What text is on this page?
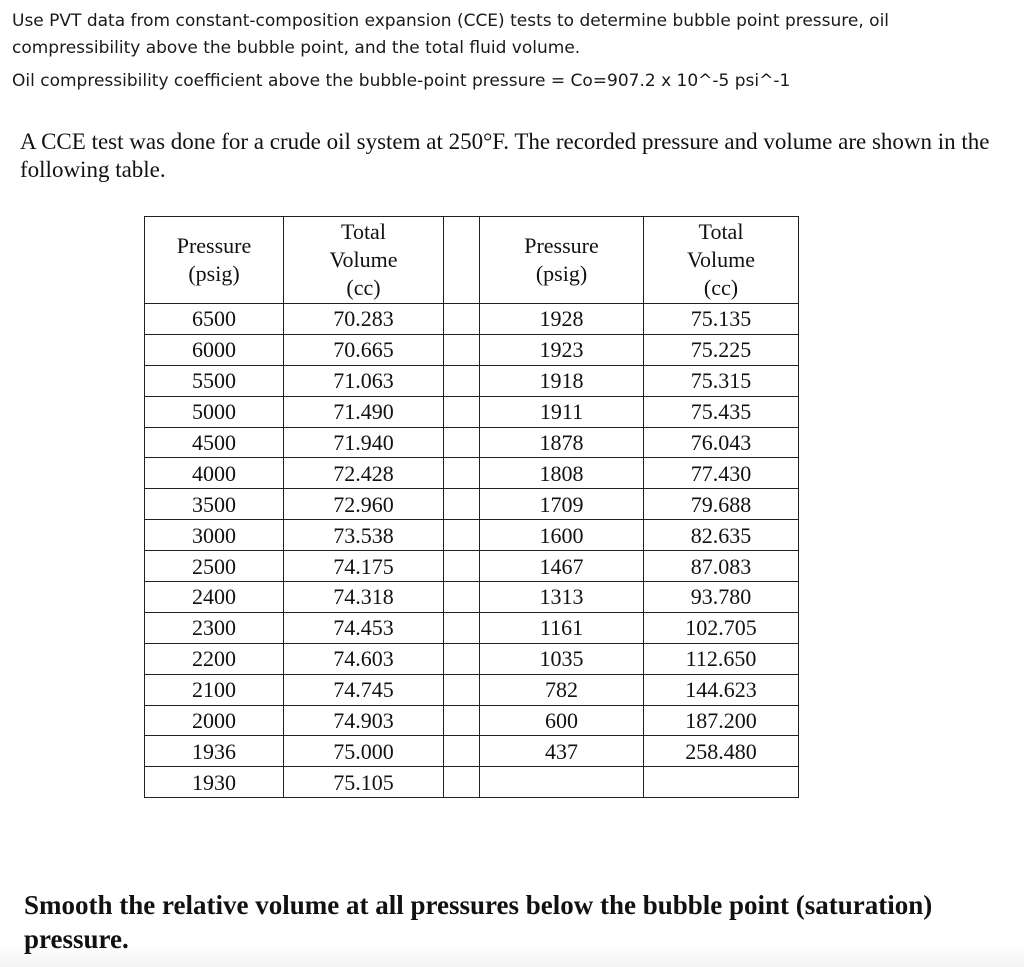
Use PVT data from constant-composition expansion (CCE) tests to determine bubble point pressure, oil compressibility above the bubble point, and the total fluid volume.

Oil compressibility coefficient above the bubble-point pressure = Co=907.2 x 10^-5 psi^-1

A CCE test was done for a crude oil system at 250°F. The recorded pressure and volume are shown in the following table.

Pressure
(psig)	Total
Volume
(cc)		Pressure
(psig)	Total
Volume
(cc)

6500	70.283		1928	75.135
6000	70.665		1923	75.225
5500	71.063		1918	75.315
5000	71.490		1911	75.435
4500	71.940		1878	76.043
4000	72.428		1808	77.430
3500	72.960		1709	79.688
3000	73.538		1600	82.635
2500	74.175		1467	87.083
2400	74.318		1313	93.780
2300	74.453		1161	102.705
2200	74.603		1035	112.650
2100	74.745		782	144.623
2000	74.903		600	187.200
1936	75.000		437	258.480
1930	75.105			

Smooth the relative volume at all pressures below the bubble point (saturation) pressure.
